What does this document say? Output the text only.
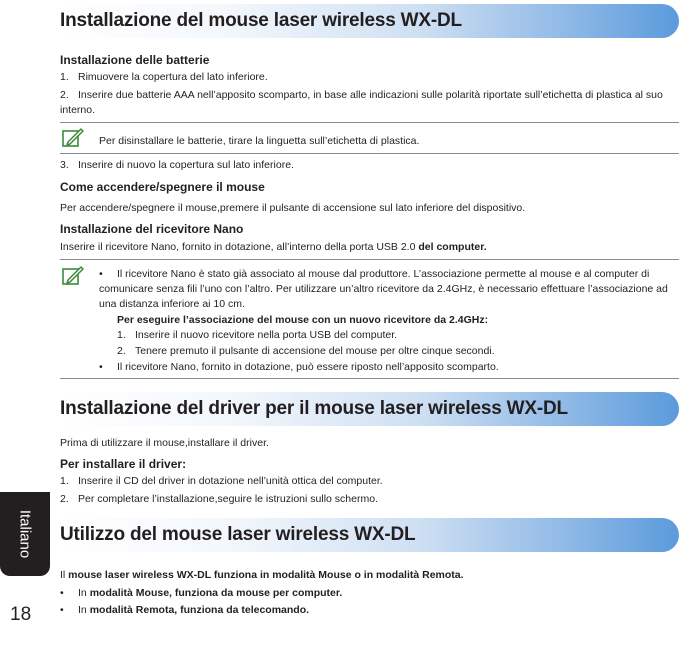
Installazione del mouse laser wireless WX-DL
Installazione delle batterie
1. Rimuovere la copertura del lato inferiore.
2. Inserire due batterie AAA nell’apposito scomparto, in base alle indicazioni sulle polarità riportate sull’etichetta di plastica al suo
interno.
Per disinstallare le batterie, tirare la linguetta sull’etichetta di plastica.
3. Inserire di nuovo la copertura sul lato inferiore.
Come accendere/spegnere il mouse
Per accendere/spegnere il mouse,premere il pulsante di accensione sul lato inferiore del dispositivo.
Installazione del ricevitore Nano
Inserire il ricevitore Nano, fornito in dotazione, all’interno della porta USB 2.0 del computer.
• Il ricevitore Nano è stato già associato al mouse dal produttore. L’associazione permette al mouse e al computer di
comunicare senza fili l’uno con l’altro. Per utilizzare un’altro ricevitore da 2.4GHz, è necessario effettuare l’associazione ad
una distanza inferiore ai 10 cm.
Per eseguire l’associazione del mouse con un nuovo ricevitore da 2.4GHz:
1. Inserire il nuovo ricevitore nella porta USB del computer.
2. Tenere premuto il pulsante di accensione del mouse per oltre cinque secondi.
• Il ricevitore Nano, fornito in dotazione, può essere riposto nell’apposito scomparto.
Installazione del driver per il mouse laser wireless WX-DL
Prima di utilizzare il mouse,installare il driver.
Per installare il driver:
1. Inserire il CD del driver in dotazione nell’unità ottica del computer.
2. Per completare l’installazione,seguire le istruzioni sullo schermo.
Utilizzo del mouse laser wireless WX-DL
Il mouse laser wireless WX-DL funziona in modalità Mouse o in modalità Remota.
• In modalità Mouse, funziona da mouse per computer.
• In modalità Remota, funziona da telecomando.
Italiano
18
